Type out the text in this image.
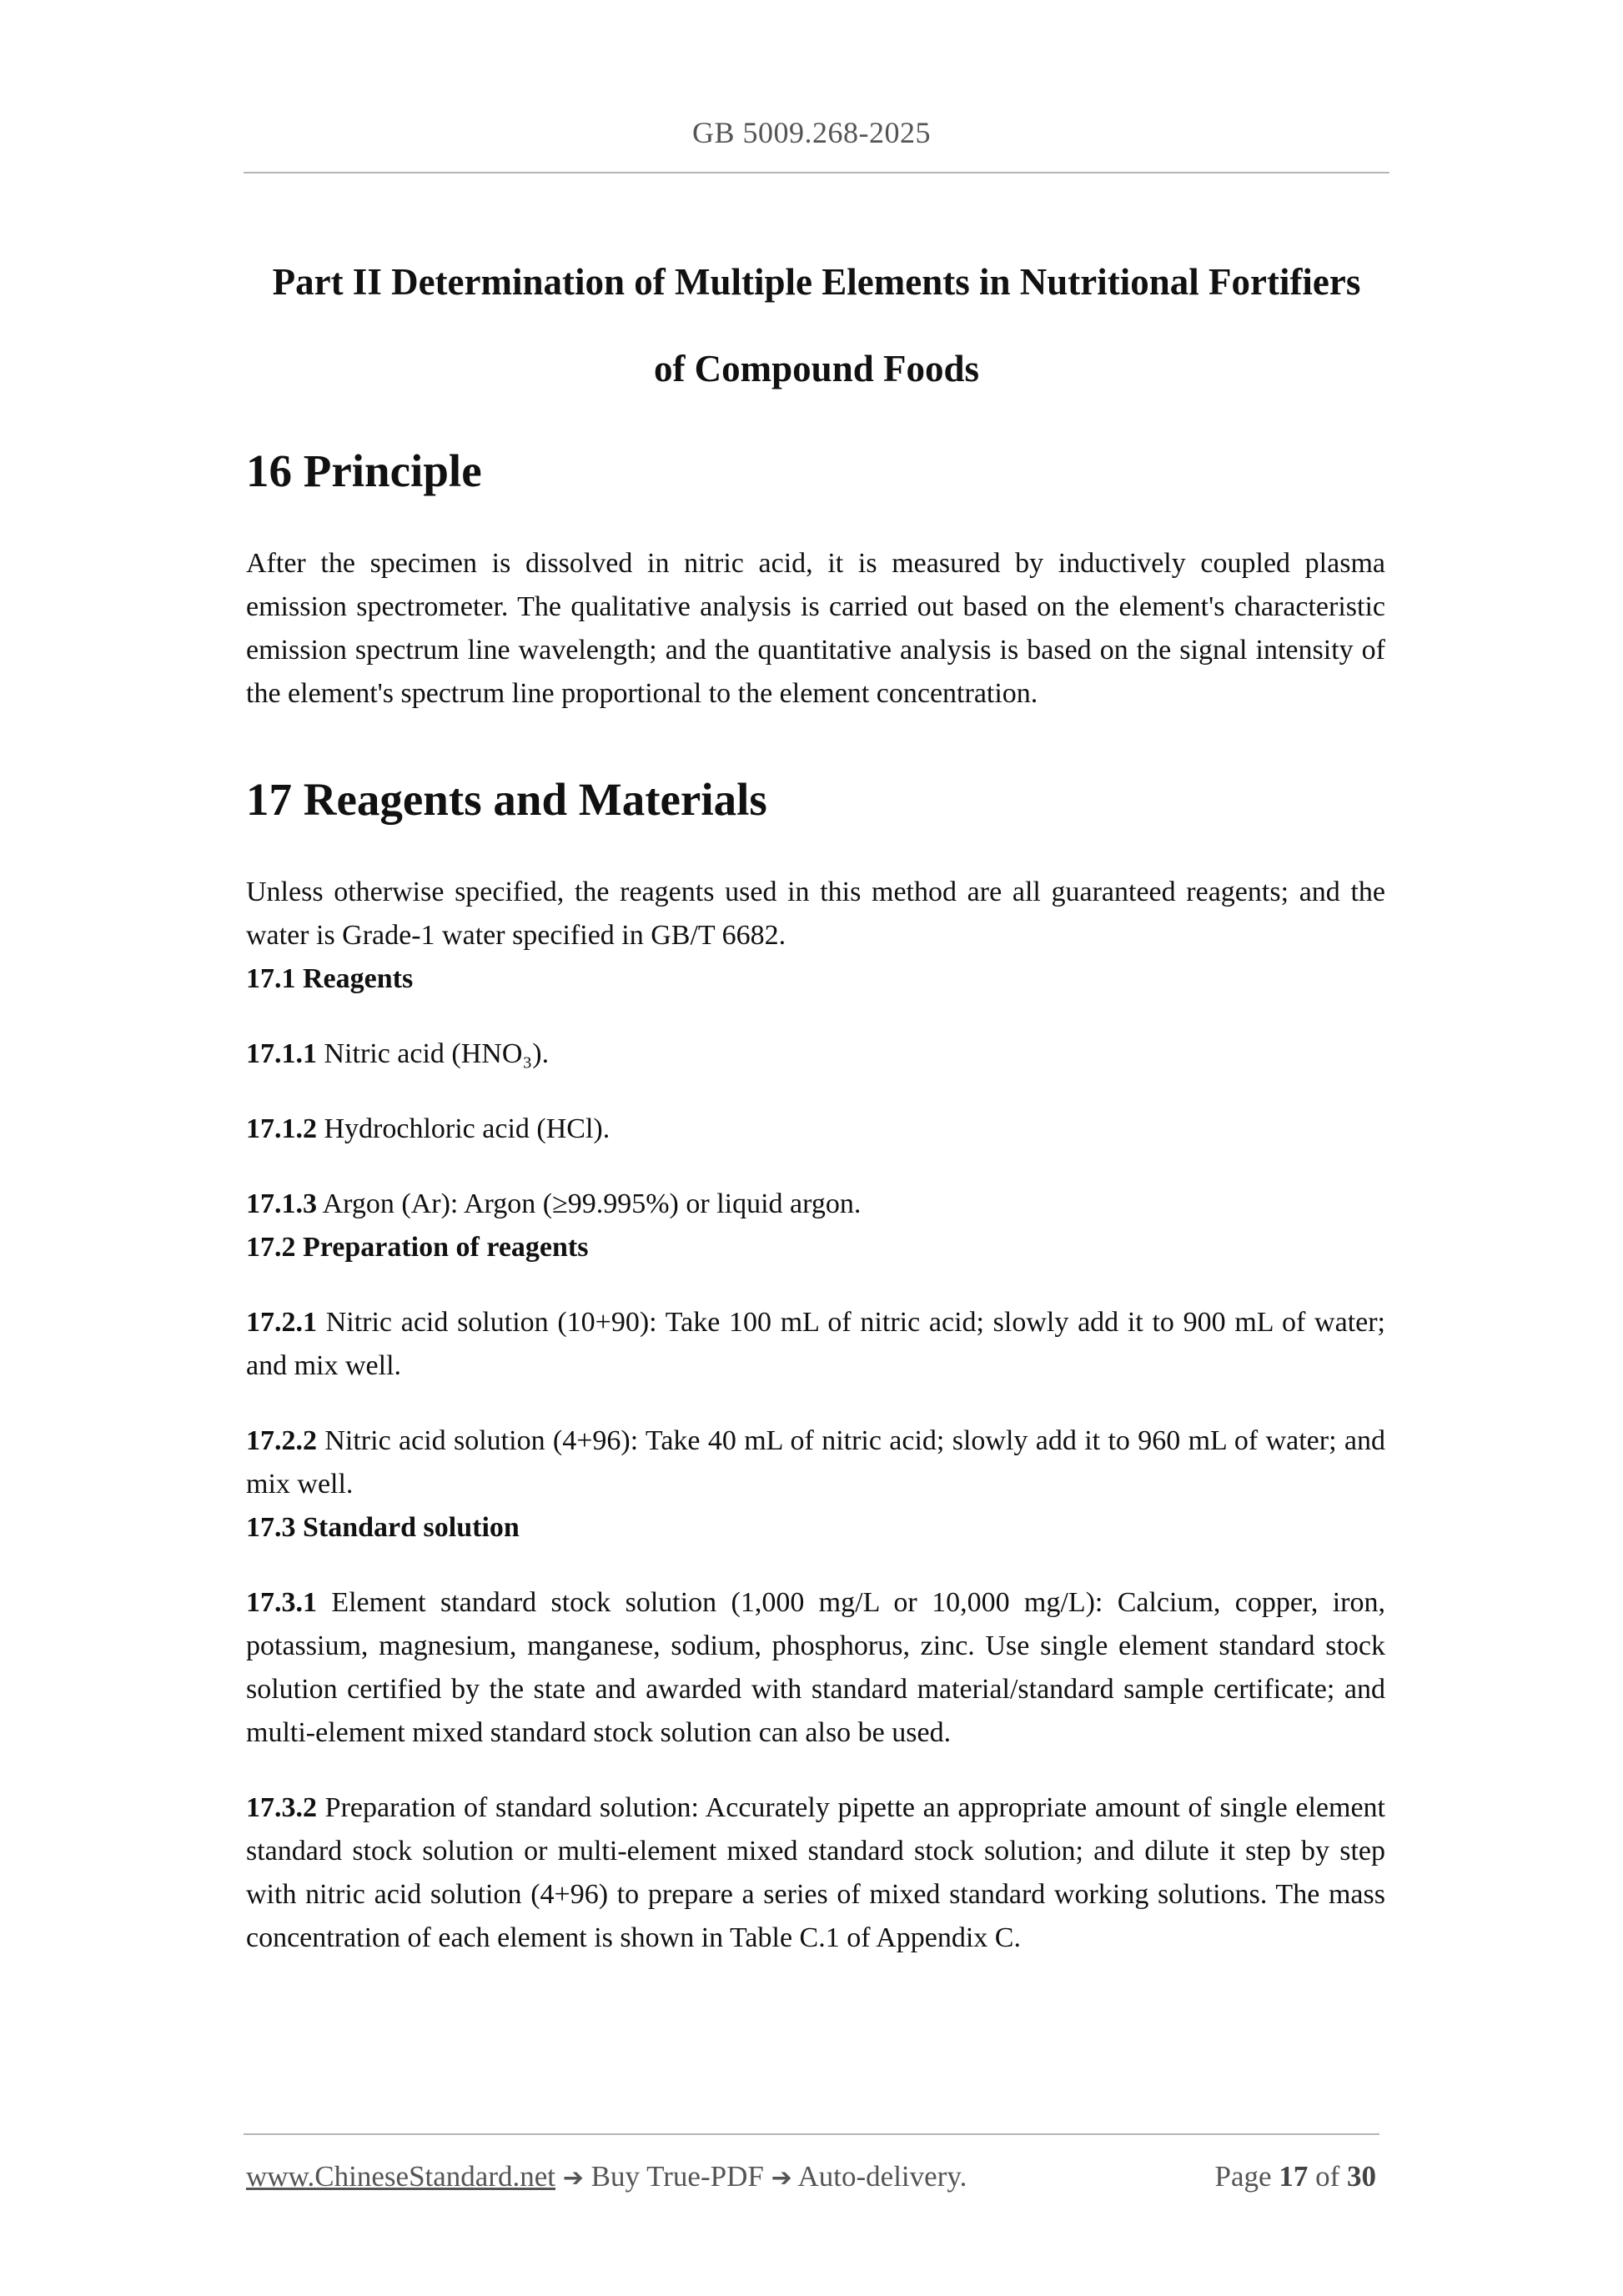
GB 5009.268-2025
Part II Determination of Multiple Elements in Nutritional Fortifiers
of Compound Foods
16 Principle

After the specimen is dissolved in nitric acid, it is measured by inductively coupled plasma emission spectrometer. The qualitative analysis is carried out based on the element's characteristic emission spectrum line wavelength; and the quantitative analysis is based on the signal intensity of the element's spectrum line proportional to the element concentration.

17 Reagents and Materials

Unless otherwise specified, the reagents used in this method are all guaranteed reagents; and the water is Grade-1 water specified in GB/T 6682.

17.1 Reagents

17.1.1 Nitric acid (HNO₃).

17.1.2 Hydrochloric acid (HCl).

17.1.3 Argon (Ar): Argon (≥99.995%) or liquid argon.

17.2 Preparation of reagents

17.2.1 Nitric acid solution (10+90): Take 100 mL of nitric acid; slowly add it to 900 mL of water; and mix well.

17.2.2 Nitric acid solution (4+96): Take 40 mL of nitric acid; slowly add it to 960 mL of water; and mix well.

17.3 Standard solution

17.3.1 Element standard stock solution (1,000 mg/L or 10,000 mg/L): Calcium, copper, iron, potassium, magnesium, manganese, sodium, phosphorus, zinc. Use single element standard stock solution certified by the state and awarded with standard material/standard sample certificate; and multi-element mixed standard stock solution can also be used.

17.3.2 Preparation of standard solution: Accurately pipette an appropriate amount of single element standard stock solution or multi-element mixed standard stock solution; and dilute it step by step with nitric acid solution (4+96) to prepare a series of mixed standard working solutions. The mass concentration of each element is shown in Table C.1 of Appendix C.

www.ChineseStandard.net ➔ Buy True-PDF ➔ Auto-delivery.	Page 17 of 30
